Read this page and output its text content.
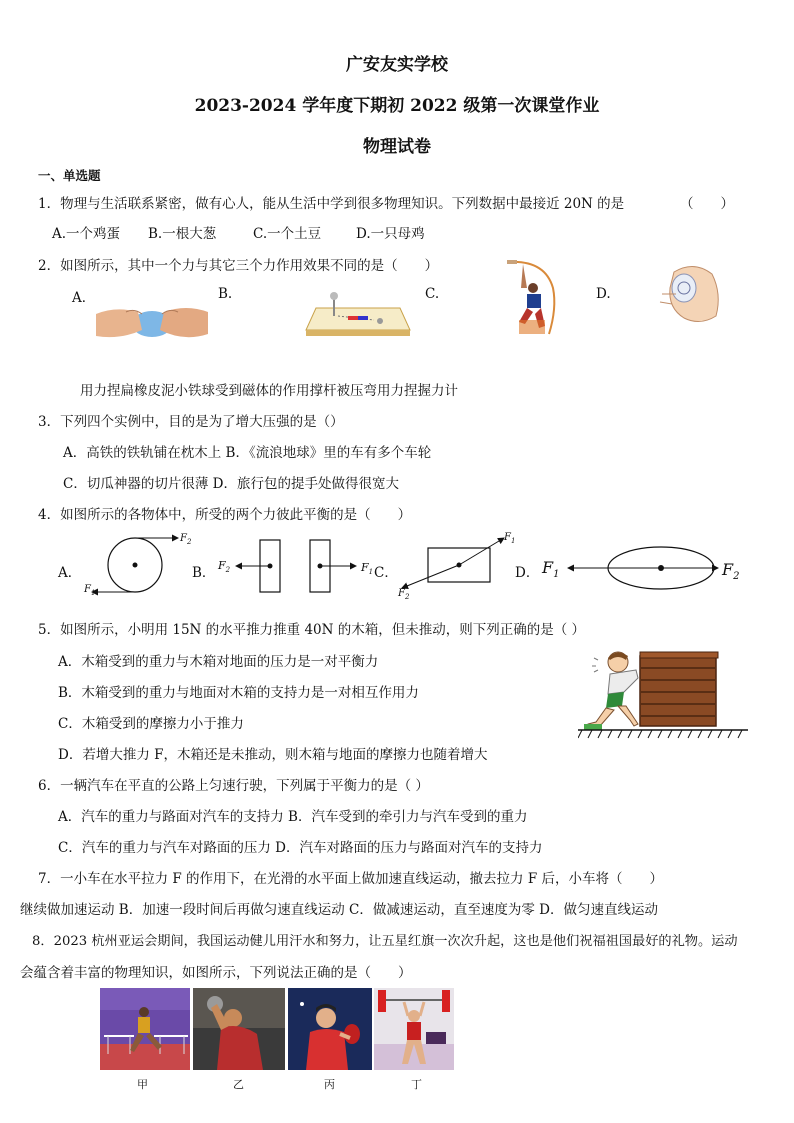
广安友实学校
2023-2024 学年度下期初 2022 级第一次课堂作业
物理试卷
一、单选题
1．物理与生活联系紧密，做有心人，能从生活中学到很多物理知识。下列数据中最接近 20N 的是	（　　）
A.一个鸡蛋 B.一根大葱	C.一个土豆	D.一只母鸡
2．如图所示，其中一个力与其它三个力作用效果不同的是（　　）
A．	B.	C.	D.
用力捏扁橡皮泥小铁球受到磁体的作用撑杆被压弯用力捏握力计
3．下列四个实例中，目的是为了增大压强的是（）
A．高铁的铁轨铺在枕木上 B．《流浪地球》里的车有多个车轮
C．切瓜神器的切片很薄 D．旅行包的提手处做得很宽大
4．如图所示的各物体中，所受的两个力彼此平衡的是（　　）
A．	B．	C．	D．
$F_2$
$F_1$
$F_2$	$F_1$
$F_1$
$F_2$
$F_1$	$F_2$
5．如图所示，小明用 15N 的水平推力推重 40N 的木箱，但未推动，则下列正确的是（ ）
A．木箱受到的重力与木箱对地面的压力是一对平衡力
B．木箱受到的重力与地面对木箱的支持力是一对相互作用力
C．木箱受到的摩擦力小于推力
D．若增大推力 F，木箱还是未推动，则木箱与地面的摩擦力也随着增大
6．一辆汽车在平直的公路上匀速行驶，下列属于平衡力的是（ ）
A．汽车的重力与路面对汽车的支持力 B．汽车受到的牵引力与汽车受到的重力
C．汽车的重力与汽车对路面的压力 D．汽车对路面的压力与路面对汽车的支持力
7．一小车在水平拉力 F 的作用下，在光滑的水平面上做加速直线运动，撤去拉力 F 后，小车将（　　）
继续做加速运动 B．加速一段时间后再做匀速直线运动 C．做减速运动，直至速度为零 D．做匀速直线运动
8．2023 杭州亚运会期间，我国运动健儿用汗水和努力，让五星红旗一次次升起，这也是他们祝福祖国最好的礼物。运动
会蕴含着丰富的物理知识，如图所示，下列说法正确的是（　　）
甲	乙	丙	丁
